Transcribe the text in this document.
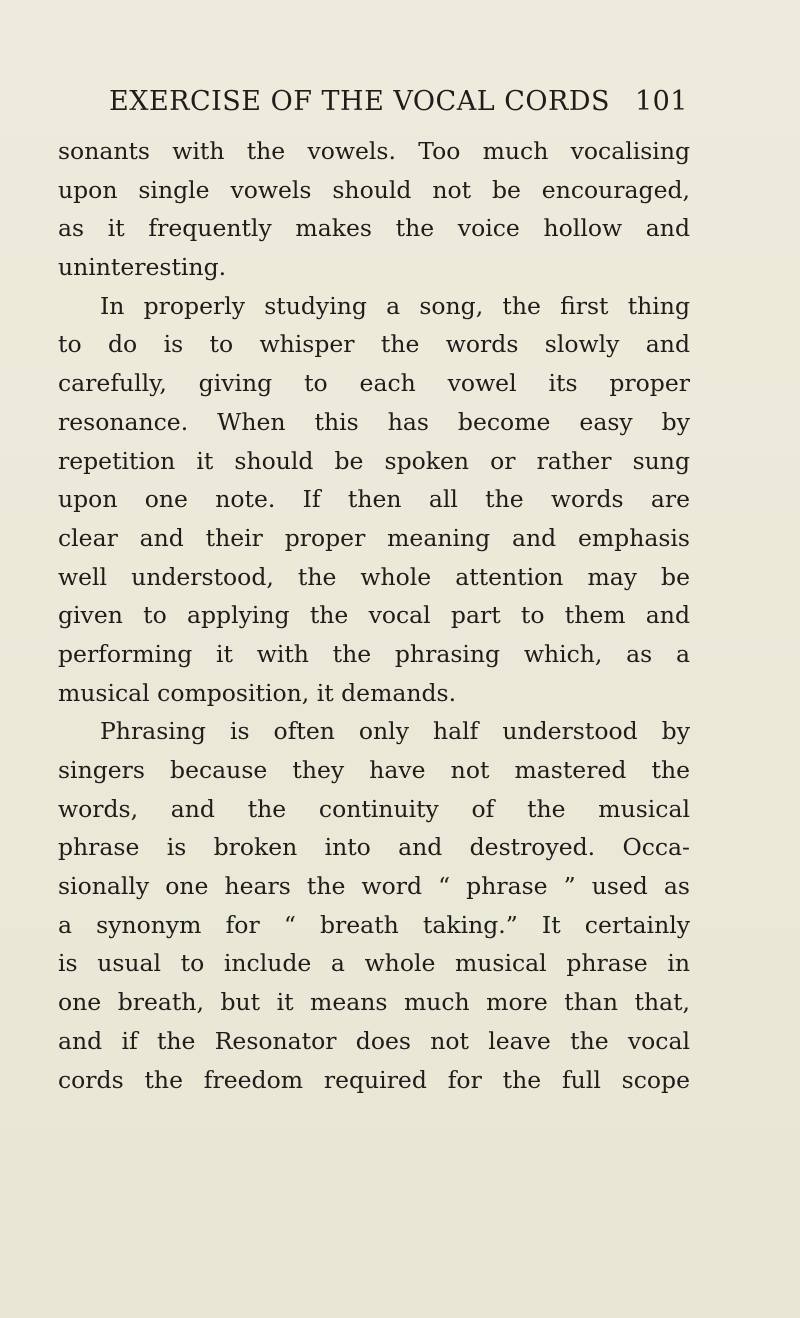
EXERCISE OF THE VOCAL CORDS 101
sonants with the vowels. Too much vocalising
upon single vowels should not be encouraged,
as it frequently makes the voice hollow and
uninteresting.
In properly studying a song, the first thing
to do is to whisper the words slowly and
carefully, giving to each vowel its proper
resonance. When this has become easy by
repetition it should be spoken or rather sung
upon one note. If then all the words are
clear and their proper meaning and emphasis
well understood, the whole attention may be
given to applying the vocal part to them and
performing it with the phrasing which, as a
musical composition, it demands.
Phrasing is often only half understood by
singers because they have not mastered the
words, and the continuity of the musical
phrase is broken into and destroyed. Occa-
sionally one hears the word “ phrase ” used as
a synonym for “ breath taking.” It certainly
is usual to include a whole musical phrase in
one breath, but it means much more than that,
and if the Resonator does not leave the vocal
cords the freedom required for the full scope
